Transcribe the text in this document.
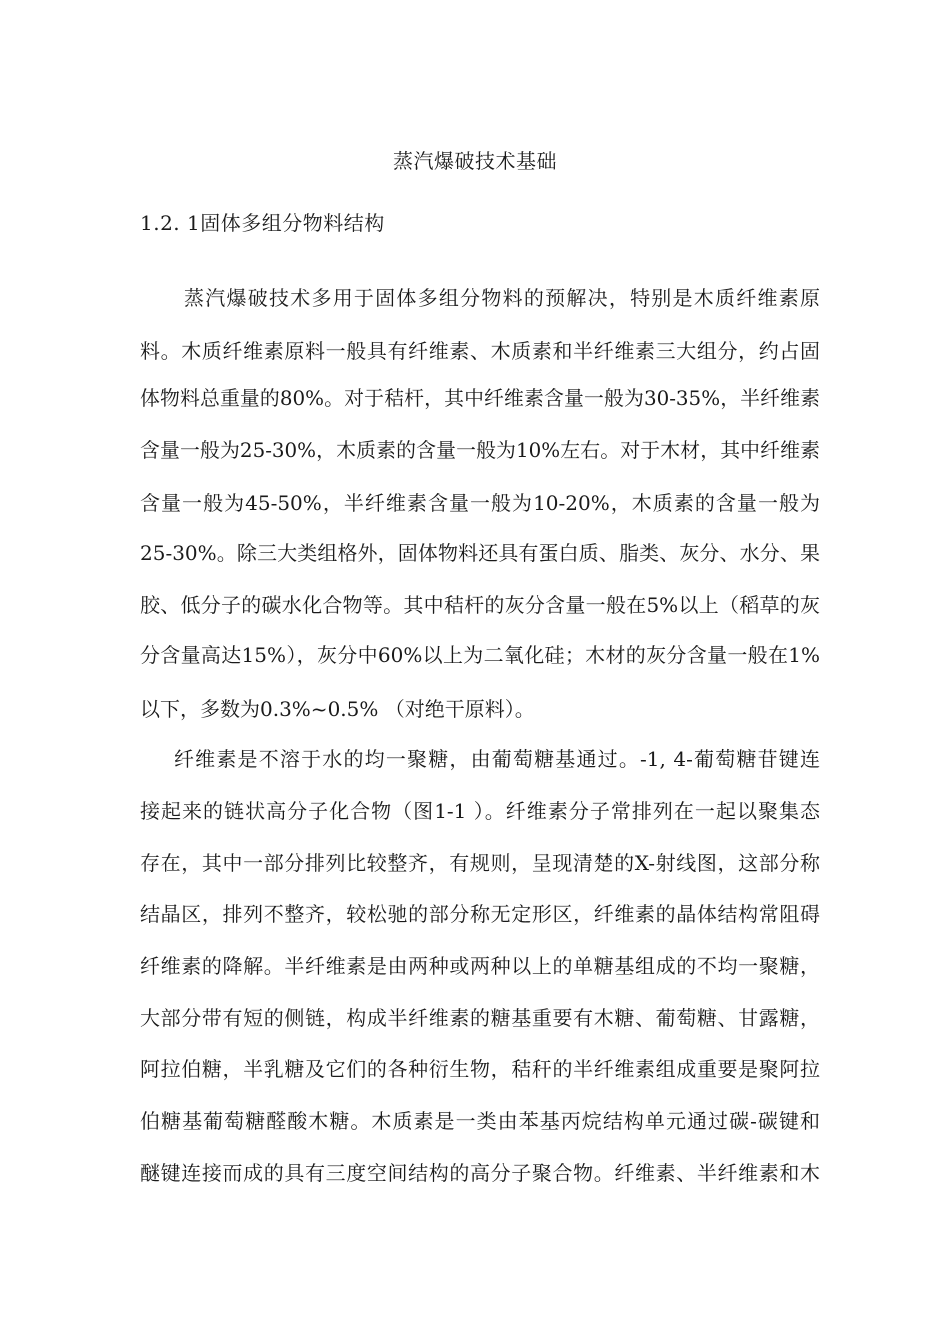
蒸汽爆破技术基础
1.2. 1固体多组分物料结构
蒸汽爆破技术多用于固体多组分物料的预解决，特别是木质纤维素原
料。木质纤维素原料一般具有纤维素、木质素和半纤维素三大组分，约占固
体物料总重量的80%。对于秸杆，其中纤维素含量一般为30-35%，半纤维素
含量一般为25-30%，木质素的含量一般为10%左右。对于木材，其中纤维素
含量一般为45-50%，半纤维素含量一般为10-20%，木质素的含量一般为
25-30%。除三大类组格外，固体物料还具有蛋白质、脂类、灰分、水分、果
胶、低分子的碳水化合物等。其中秸杆的灰分含量一般在5%以上（稻草的灰
分含量高达15%），灰分中60%以上为二氧化硅；木材的灰分含量一般在1%
以下，多数为0.3%~0.5% （对绝干原料）。
纤维素是不溶于水的均一聚糖，由葡萄糖基通过。-1, 4-葡萄糖苷键连
接起来的链状高分子化合物（图1-1 ）。纤维素分子常排列在一起以聚集态
存在，其中一部分排列比较整齐，有规则，呈现清楚的X-射线图，这部分称
结晶区，排列不整齐，较松驰的部分称无定形区，纤维素的晶体结构常阻碍
纤维素的降解。半纤维素是由两种或两种以上的单糖基组成的不均一聚糖，
大部分带有短的侧链，构成半纤维素的糖基重要有木糖、葡萄糖、甘露糖，
阿拉伯糖，半乳糖及它们的各种衍生物，秸秆的半纤维素组成重要是聚阿拉
伯糖基葡萄糖醛酸木糖。木质素是一类由苯基丙烷结构单元通过碳-碳键和
醚键连接而成的具有三度空间结构的高分子聚合物。纤维素、半纤维素和木
